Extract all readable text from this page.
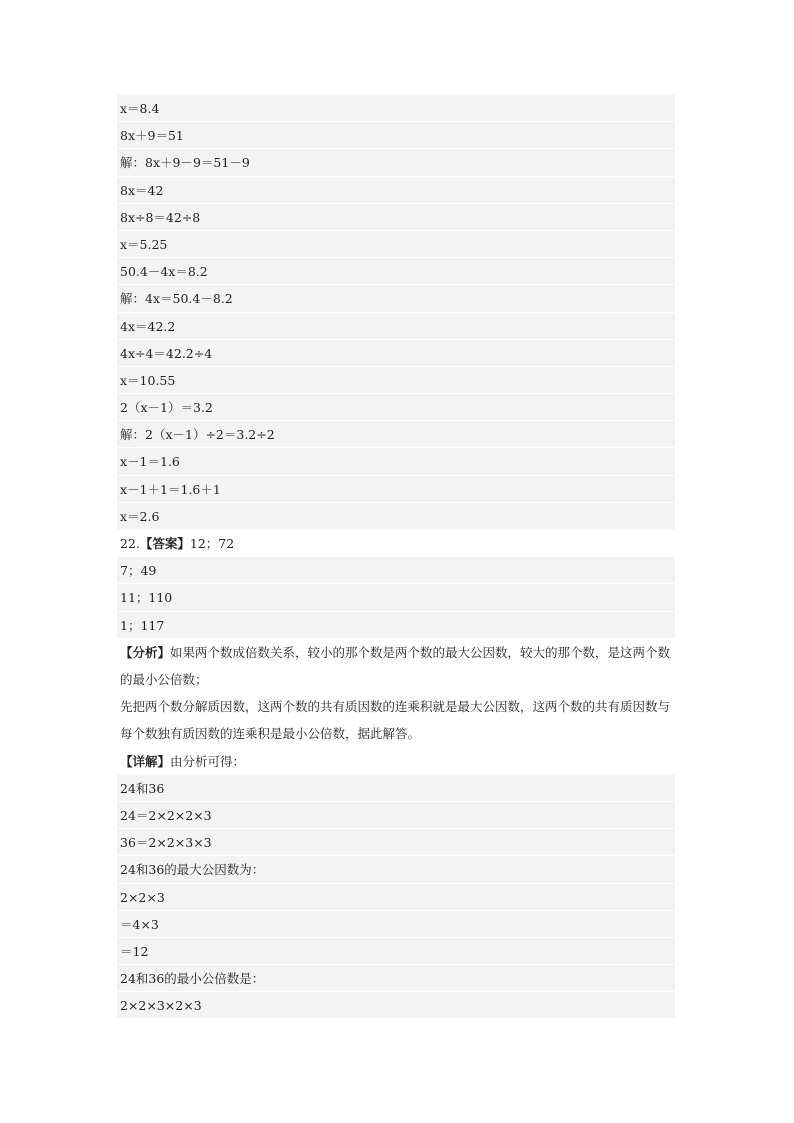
x＝8.4
8x＋9＝51
解：8x＋9－9＝51－9
8x＝42
8x÷8＝42÷8
x＝5.25
50.4－4x＝8.2
解：4x＝50.4－8.2
4x＝42.2
4x÷4＝42.2÷4
x＝10.55
2（x－1）＝3.2
解：2（x－1）÷2＝3.2÷2
x－1＝1.6
x－1＋1＝1.6＋1
x＝2.6
22.【答案】12；72
7；49
11；110
1；117
【分析】如果两个数成倍数关系，较小的那个数是两个数的最大公因数，较大的那个数，是这两个数的最小公倍数；
先把两个数分解质因数，这两个数的共有质因数的连乘积就是最大公因数，这两个数的共有质因数与每个数独有质因数的连乘积是最小公倍数，据此解答。
【详解】由分析可得：
24和36
24＝2×2×2×3
36＝2×2×3×3
24和36的最大公因数为：
2×2×3
＝4×3
＝12
24和36的最小公倍数是：
2×2×3×2×3
